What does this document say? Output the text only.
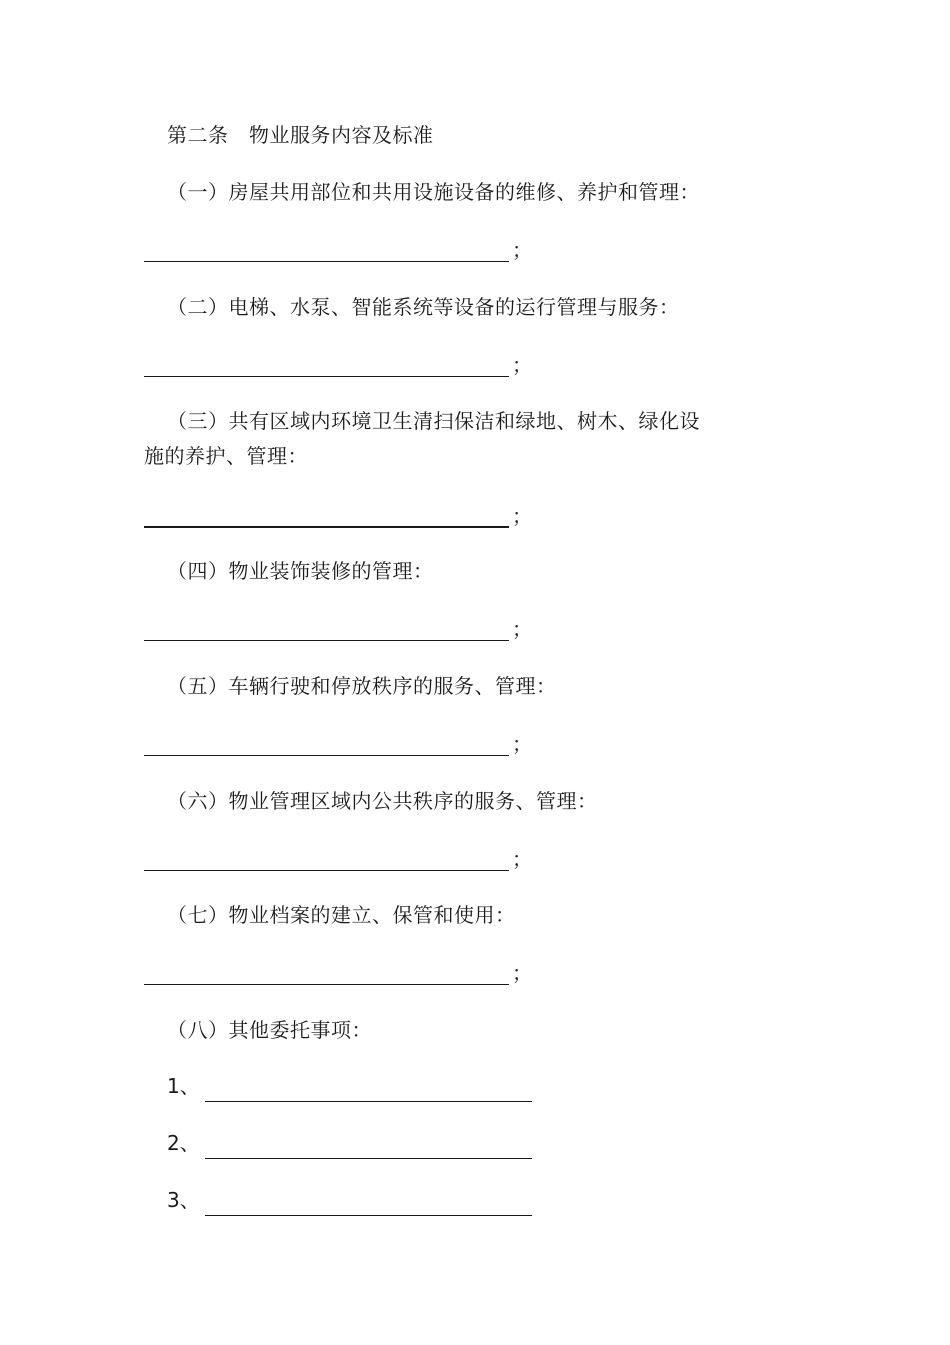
第二条　物业服务内容及标准
（一）房屋共用部位和共用设施设备的维修、养护和管理：
；
（二）电梯、水泵、智能系统等设备的运行管理与服务：
；
（三）共有区域内环境卫生清扫保洁和绿地、树木、绿化设
施的养护、管理：
；
（四）物业装饰装修的管理：
；
（五）车辆行驶和停放秩序的服务、管理：
；
（六）物业管理区域内公共秩序的服务、管理：
；
（七）物业档案的建立、保管和使用：
；
（八）其他委托事项：
1、
2、
3、
